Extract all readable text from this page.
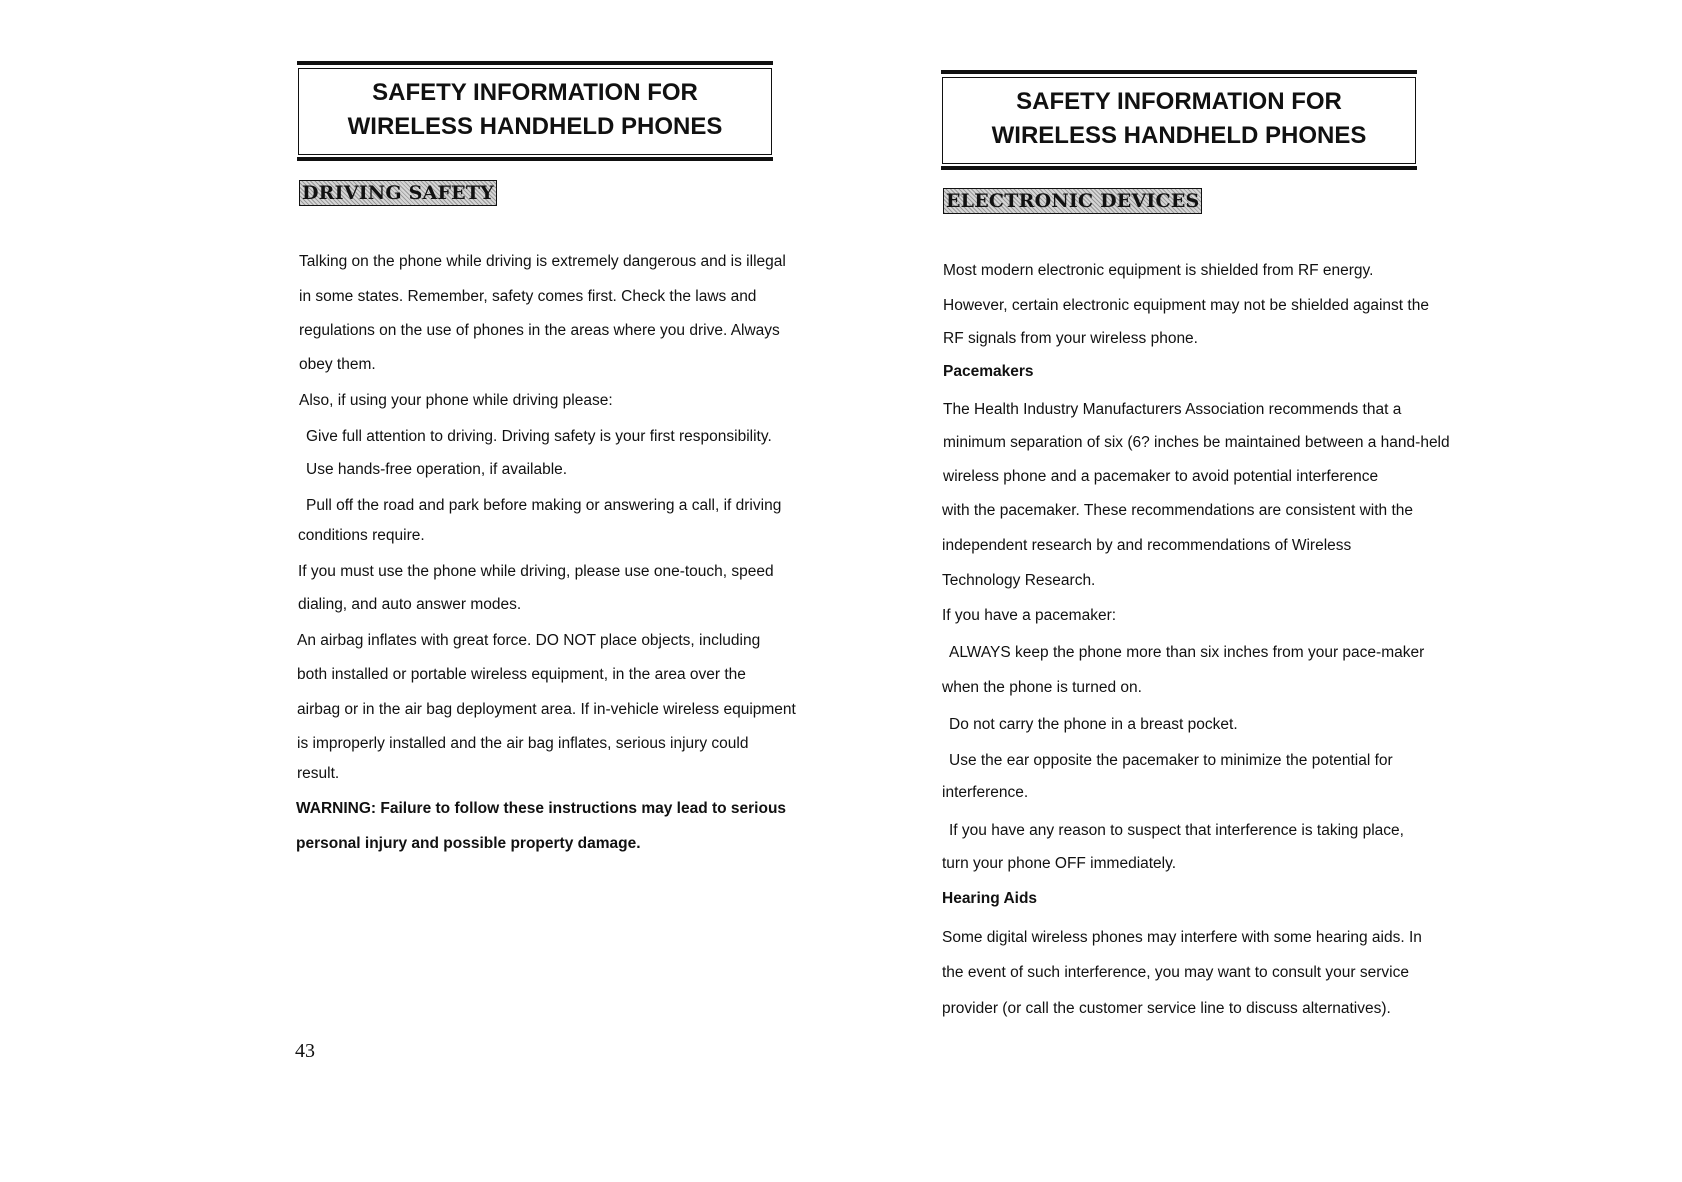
SAFETY INFORMATION FOR
WIRELESS HANDHELD PHONES
DRIVING SAFETY
Talking on the phone while driving is extremely dangerous and is illegal
in some states. Remember, safety comes first. Check the laws and
regulations on the use of phones in the areas where you drive. Always
obey them.
Also, if using your phone while driving please:
Give full attention to driving. Driving safety is your first responsibility.
Use hands-free operation, if available.
Pull off the road and park before making or answering a call, if driving
conditions require.
If you must use the phone while driving, please use one-touch, speed
dialing, and auto answer modes.
An airbag inflates with great force. DO NOT place objects, including
both installed or portable wireless equipment, in the area over the
airbag or in the air bag deployment area. If in-vehicle wireless equipment
is improperly installed and the air bag inflates, serious injury could
result.
WARNING: Failure to follow these instructions may lead to serious
personal injury and possible property damage.
43
SAFETY INFORMATION FOR
WIRELESS HANDHELD PHONES
ELECTRONIC DEVICES
Most modern electronic equipment is shielded from RF energy.
However, certain electronic equipment may not be shielded against the
RF signals from your wireless phone.
Pacemakers
The Health Industry Manufacturers Association recommends that a
minimum separation of six (6? inches be maintained between a hand-held
wireless phone and a pacemaker to avoid potential interference
with the pacemaker. These recommendations are consistent with the
independent research by and recommendations of Wireless
Technology Research.
If you have a pacemaker:
ALWAYS keep the phone more than six inches from your pace-maker
when the phone is turned on.
Do not carry the phone in a breast pocket.
Use the ear opposite the pacemaker to minimize the potential for
interference.
If you have any reason to suspect that interference is taking place,
turn your phone OFF immediately.
Hearing Aids
Some digital wireless phones may interfere with some hearing aids. In
the event of such interference, you may want to consult your service
provider (or call the customer service line to discuss alternatives).
